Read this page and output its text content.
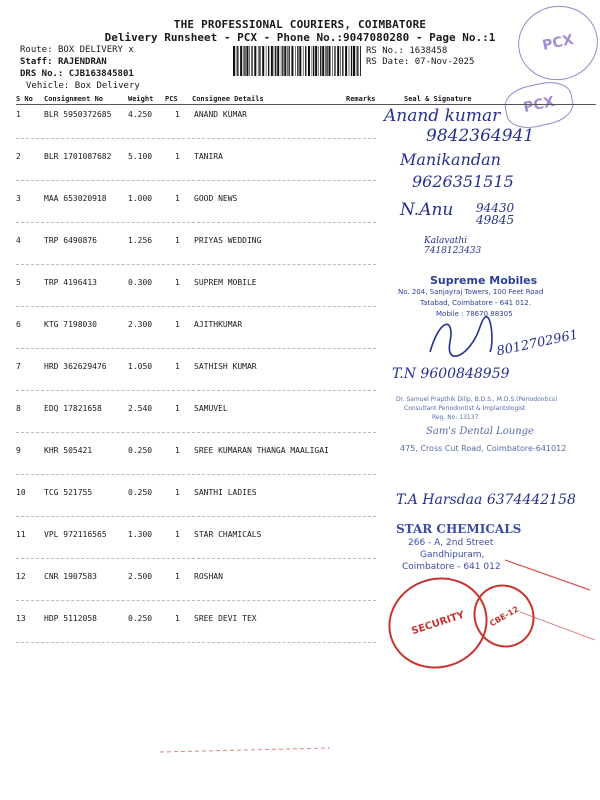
THE PROFESSIONAL COURIERS, COIMBATORE
Delivery Runsheet - PCX - Phone No.:9047080280 - Page No.:1
Route: BOX DELIVERY x
Staff: RAJENDRAN
DRS No.: CJB163845801
Vehicle: Box Delivery
RS No.: 1638458
RS Date: 07-Nov-2025
PCX
PCX
S No Consignment No	Weight PCS Consignee Details	Remarks	Seal & Signature
1	BLR 5950372685 4.250	1 ANAND KUMAR
2	BLR 1701087682 5.100	1 TANIRA
3	MAA 653020918	1.000	1 GOOD NEWS
4	TRP 6490876	1.256	1 PRIYAS WEDDING
5	TRP 4196413	0.300	1 SUPREM MOBILE
6	KTG 7198030	2.300	1 AJITHKUMAR
7	HRD 362629476	1.050	1 SATHISH KUMAR
8	EDQ 17821658	2.540	1 SAMUVEL
9	KHR 505421	0.250	1 SREE KUMARAN THANGA MAALIGAI
10 TCG 521755	0.250	1 SANTHI LADIES
11 VPL 972116565	1.300	1 STAR CHAMICALS
12 CNR 1907583	2.500	1 ROSHAN
13 HDP 5112058	0.250	1 SREE DEVI TEX
Anand kumar
9842364941
Manikandan
9626351515
N.Anu 94430 49845
Kalavathi
7418123433
Supreme Mobiles
No. 204, Sanjayraj Towers, 100 Feet Road
Tatabad, Coimbatore - 641 012.
Mobile : 78670 88305
8012702961
T.N 9600848959
Dr. Samuel Prapthik Dilip, B.D.S., M.D.S.(Periodontics)
Consultant Periodontist & Implantologist
Reg. No: 13137
Sam's Dental Lounge
475, Cross Cut Road, Coimbatore-641012
T.A Harsdaa 6374442158
STAR CHEMICALS
266 - A, 2nd Street
Gandhipuram,
Coimbatore - 641 012
SECURITY	CBE-12
